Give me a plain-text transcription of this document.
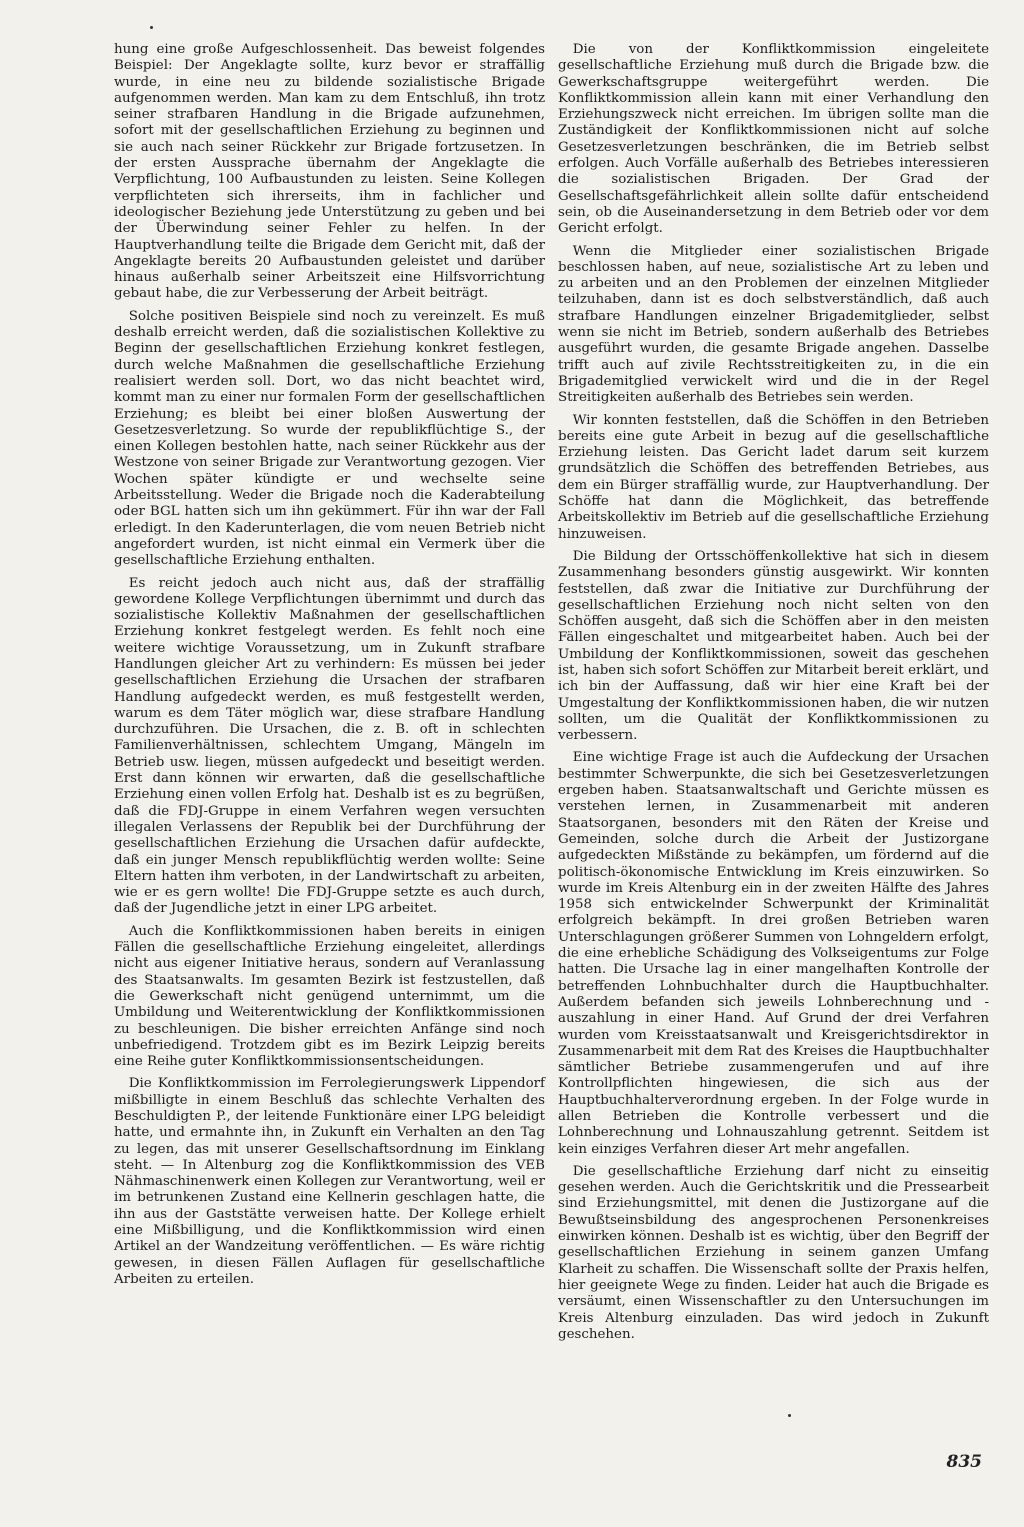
hung eine große Aufgeschlossenheit. Das beweist folgendes Beispiel: Der Angeklagte sollte, kurz bevor er straffällig wurde, in eine neu zu bildende sozialistische Brigade aufgenommen werden. Man kam zu dem Entschluß, ihn trotz seiner strafbaren Handlung in die Brigade aufzunehmen, sofort mit der gesellschaftlichen Erziehung zu beginnen und sie auch nach seiner Rückkehr zur Brigade fortzusetzen. In der ersten Aussprache übernahm der Angeklagte die Verpflichtung, 100 Aufbaustunden zu leisten. Seine Kollegen verpflichteten sich ihrerseits, ihm in fachlicher und ideologischer Beziehung jede Unterstützung zu geben und bei der Überwindung seiner Fehler zu helfen. In der Hauptverhandlung teilte die Brigade dem Gericht mit, daß der Angeklagte bereits 20 Aufbaustunden geleistet und darüber hinaus außerhalb seiner Arbeitszeit eine Hilfsvorrichtung gebaut habe, die zur Verbesserung der Arbeit beiträgt.

Solche positiven Beispiele sind noch zu vereinzelt. Es muß deshalb erreicht werden, daß die sozialistischen Kollektive zu Beginn der gesellschaftlichen Erziehung konkret festlegen, durch welche Maßnahmen die gesellschaftliche Erziehung realisiert werden soll. Dort, wo das nicht beachtet wird, kommt man zu einer nur formalen Form der gesellschaftlichen Erziehung; es bleibt bei einer bloßen Auswertung der Gesetzesverletzung. So wurde der republikflüchtige S., der einen Kollegen bestohlen hatte, nach seiner Rückkehr aus der Westzone von seiner Brigade zur Verantwortung gezogen. Vier Wochen später kündigte er und wechselte seine Arbeitsstellung. Weder die Brigade noch die Kaderabteilung oder BGL hatten sich um ihn gekümmert. Für ihn war der Fall erledigt. In den Kaderunterlagen, die vom neuen Betrieb nicht angefordert wurden, ist nicht einmal ein Vermerk über die gesellschaftliche Erziehung enthalten.

Es reicht jedoch auch nicht aus, daß der straffällig gewordene Kollege Verpflichtungen übernimmt und durch das sozialistische Kollektiv Maßnahmen der gesellschaftlichen Erziehung konkret festgelegt werden. Es fehlt noch eine weitere wichtige Voraussetzung, um in Zukunft strafbare Handlungen gleicher Art zu verhindern: Es müssen bei jeder gesellschaftlichen Erziehung die Ursachen der strafbaren Handlung aufgedeckt werden, es muß festgestellt werden, warum es dem Täter möglich war, diese strafbare Handlung durchzuführen. Die Ursachen, die z. B. oft in schlechten Familienverhältnissen, schlechtem Umgang, Mängeln im Betrieb usw. liegen, müssen aufgedeckt und beseitigt werden. Erst dann können wir erwarten, daß die gesellschaftliche Erziehung einen vollen Erfolg hat. Deshalb ist es zu begrüßen, daß die FDJ-Gruppe in einem Verfahren wegen versuchten illegalen Verlassens der Republik bei der Durchführung der gesellschaftlichen Erziehung die Ursachen dafür aufdeckte, daß ein junger Mensch republikflüchtig werden wollte: Seine Eltern hatten ihm verboten, in der Landwirtschaft zu arbeiten, wie er es gern wollte! Die FDJ-Gruppe setzte es auch durch, daß der Jugendliche jetzt in einer LPG arbeitet.

Auch die Konfliktkommissionen haben bereits in einigen Fällen die gesellschaftliche Erziehung eingeleitet, allerdings nicht aus eigener Initiative heraus, sondern auf Veranlassung des Staatsanwalts. Im gesamten Bezirk ist festzustellen, daß die Gewerkschaft nicht genügend unternimmt, um die Umbildung und Weiterentwicklung der Konfliktkommissionen zu beschleunigen. Die bisher erreichten Anfänge sind noch unbefriedigend. Trotzdem gibt es im Bezirk Leipzig bereits eine Reihe guter Konfliktkommissionsentscheidungen.

Die Konfliktkommission im Ferrolegierungswerk Lippendorf mißbilligte in einem Beschluß das schlechte Verhalten des Beschuldigten P., der leitende Funktionäre einer LPG beleidigt hatte, und ermahnte ihn, in Zukunft ein Verhalten an den Tag zu legen, das mit unserer Gesellschaftsordnung im Einklang steht. — In Altenburg zog die Konfliktkommission des VEB Nähmaschinenwerk einen Kollegen zur Verantwortung, weil er im betrunkenen Zustand eine Kellnerin geschlagen hatte, die ihn aus der Gaststätte verweisen hatte. Der Kollege erhielt eine Mißbilligung, und die Konfliktkommission wird einen Artikel an der Wandzeitung veröffentlichen. — Es wäre richtig gewesen, in diesen Fällen Auflagen für gesellschaftliche Arbeiten zu erteilen.

Die von der Konfliktkommission eingeleitete gesellschaftliche Erziehung muß durch die Brigade bzw. die Gewerkschaftsgruppe weitergeführt werden. Die Konfliktkommission allein kann mit einer Verhandlung den Erziehungszweck nicht erreichen. Im übrigen sollte man die Zuständigkeit der Konfliktkommissionen nicht auf solche Gesetzesverletzungen beschränken, die im Betrieb selbst erfolgen. Auch Vorfälle außerhalb des Betriebes interessieren die sozialistischen Brigaden. Der Grad der Gesellschaftsgefährlichkeit allein sollte dafür entscheidend sein, ob die Auseinandersetzung in dem Betrieb oder vor dem Gericht erfolgt.

Wenn die Mitglieder einer sozialistischen Brigade beschlossen haben, auf neue, sozialistische Art zu leben und zu arbeiten und an den Problemen der einzelnen Mitglieder teilzuhaben, dann ist es doch selbstverständlich, daß auch strafbare Handlungen einzelner Brigademitglieder, selbst wenn sie nicht im Betrieb, sondern außerhalb des Betriebes ausgeführt wurden, die gesamte Brigade angehen. Dasselbe trifft auch auf zivile Rechtsstreitigkeiten zu, in die ein Brigademitglied verwickelt wird und die in der Regel Streitigkeiten außerhalb des Betriebes sein werden.

Wir konnten feststellen, daß die Schöffen in den Betrieben bereits eine gute Arbeit in bezug auf die gesellschaftliche Erziehung leisten. Das Gericht ladet darum seit kurzem grundsätzlich die Schöffen des betreffenden Betriebes, aus dem ein Bürger straffällig wurde, zur Hauptverhandlung. Der Schöffe hat dann die Möglichkeit, das betreffende Arbeitskollektiv im Betrieb auf die gesellschaftliche Erziehung hinzuweisen.

Die Bildung der Ortsschöffenkollektive hat sich in diesem Zusammenhang besonders günstig ausgewirkt. Wir konnten feststellen, daß zwar die Initiative zur Durchführung der gesellschaftlichen Erziehung noch nicht selten von den Schöffen ausgeht, daß sich die Schöffen aber in den meisten Fällen eingeschaltet und mitgearbeitet haben. Auch bei der Umbildung der Konfliktkommissionen, soweit das geschehen ist, haben sich sofort Schöffen zur Mitarbeit bereit erklärt, und ich bin der Auffassung, daß wir hier eine Kraft bei der Umgestaltung der Konfliktkommissionen haben, die wir nutzen sollten, um die Qualität der Konfliktkommissionen zu verbessern.

Eine wichtige Frage ist auch die Aufdeckung der Ursachen bestimmter Schwerpunkte, die sich bei Gesetzesverletzungen ergeben haben. Staatsanwaltschaft und Gerichte müssen es verstehen lernen, in Zusammenarbeit mit anderen Staatsorganen, besonders mit den Räten der Kreise und Gemeinden, solche durch die Arbeit der Justizorgane aufgedeckten Mißstände zu bekämpfen, um fördernd auf die politisch-ökonomische Entwicklung im Kreis einzuwirken. So wurde im Kreis Altenburg ein in der zweiten Hälfte des Jahres 1958 sich entwickelnder Schwerpunkt der Kriminalität erfolgreich bekämpft. In drei großen Betrieben waren Unterschlagungen größerer Summen von Lohngeldern erfolgt, die eine erhebliche Schädigung des Volkseigentums zur Folge hatten. Die Ursache lag in einer mangelhaften Kontrolle der betreffenden Lohnbuchhalter durch die Hauptbuchhalter. Außerdem befanden sich jeweils Lohnberechnung und -auszahlung in einer Hand. Auf Grund der drei Verfahren wurden vom Kreisstaatsanwalt und Kreisgerichtsdirektor in Zusammenarbeit mit dem Rat des Kreises die Hauptbuchhalter sämtlicher Betriebe zusammengerufen und auf ihre Kontrollpflichten hingewiesen, die sich aus der Hauptbuchhalterverordnung ergeben. In der Folge wurde in allen Betrieben die Kontrolle verbessert und die Lohnberechnung und Lohnauszahlung getrennt. Seitdem ist kein einziges Verfahren dieser Art mehr angefallen.

Die gesellschaftliche Erziehung darf nicht zu einseitig gesehen werden. Auch die Gerichtskritik und die Pressearbeit sind Erziehungsmittel, mit denen die Justizorgane auf die Bewußtseinsbildung des angesprochenen Personenkreises einwirken können. Deshalb ist es wichtig, über den Begriff der gesellschaftlichen Erziehung in seinem ganzen Umfang Klarheit zu schaffen. Die Wissenschaft sollte der Praxis helfen, hier geeignete Wege zu finden. Leider hat auch die Brigade es versäumt, einen Wissenschaftler zu den Untersuchungen im Kreis Altenburg einzuladen. Das wird jedoch in Zukunft geschehen.

835
